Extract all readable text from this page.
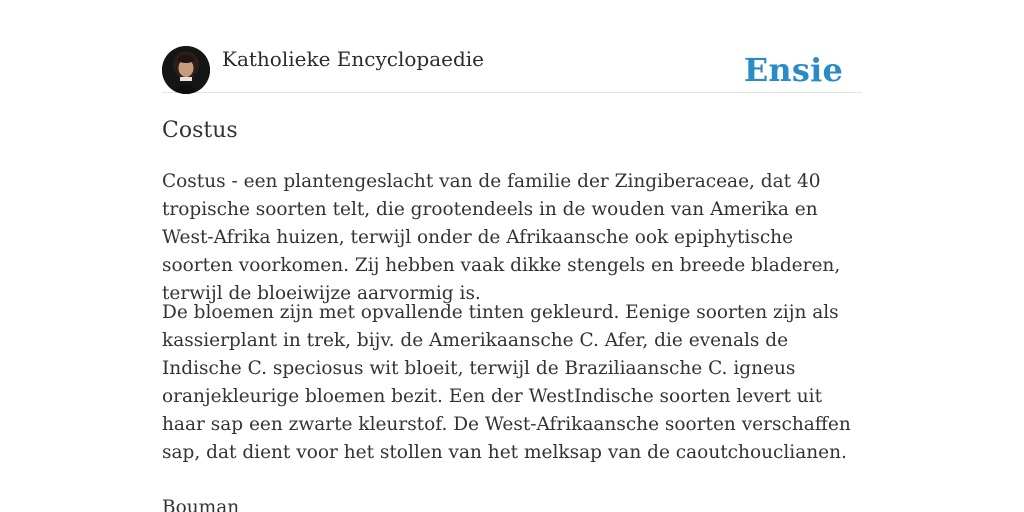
Katholieke Encyclopaedie	Ensie
Costus

Costus - een plantengeslacht van de familie der Zingiberaceae, dat 40 tropische soorten telt, die grootendeels in de wouden van Amerika en West-Afrika huizen, terwijl onder de Afrikaansche ook epiphytische soorten voorkomen. Zij hebben vaak dikke stengels en breede bladeren, terwijl de bloeiwijze aarvormig is.

De bloemen zijn met opvallende tinten gekleurd. Eenige soorten zijn als kassierplant in trek, bijv. de Amerikaansche C. Afer, die evenals de Indische C. speciosus wit bloeit, terwijl de Braziliaansche C. igneus oranjekleurige bloemen bezit. Een der WestIndische soorten levert uit haar sap een zwarte kleurstof. De West-Afrikaansche soorten verschaffen sap, dat dient voor het stollen van het melksap van de caoutchouclianen.

Bouman
